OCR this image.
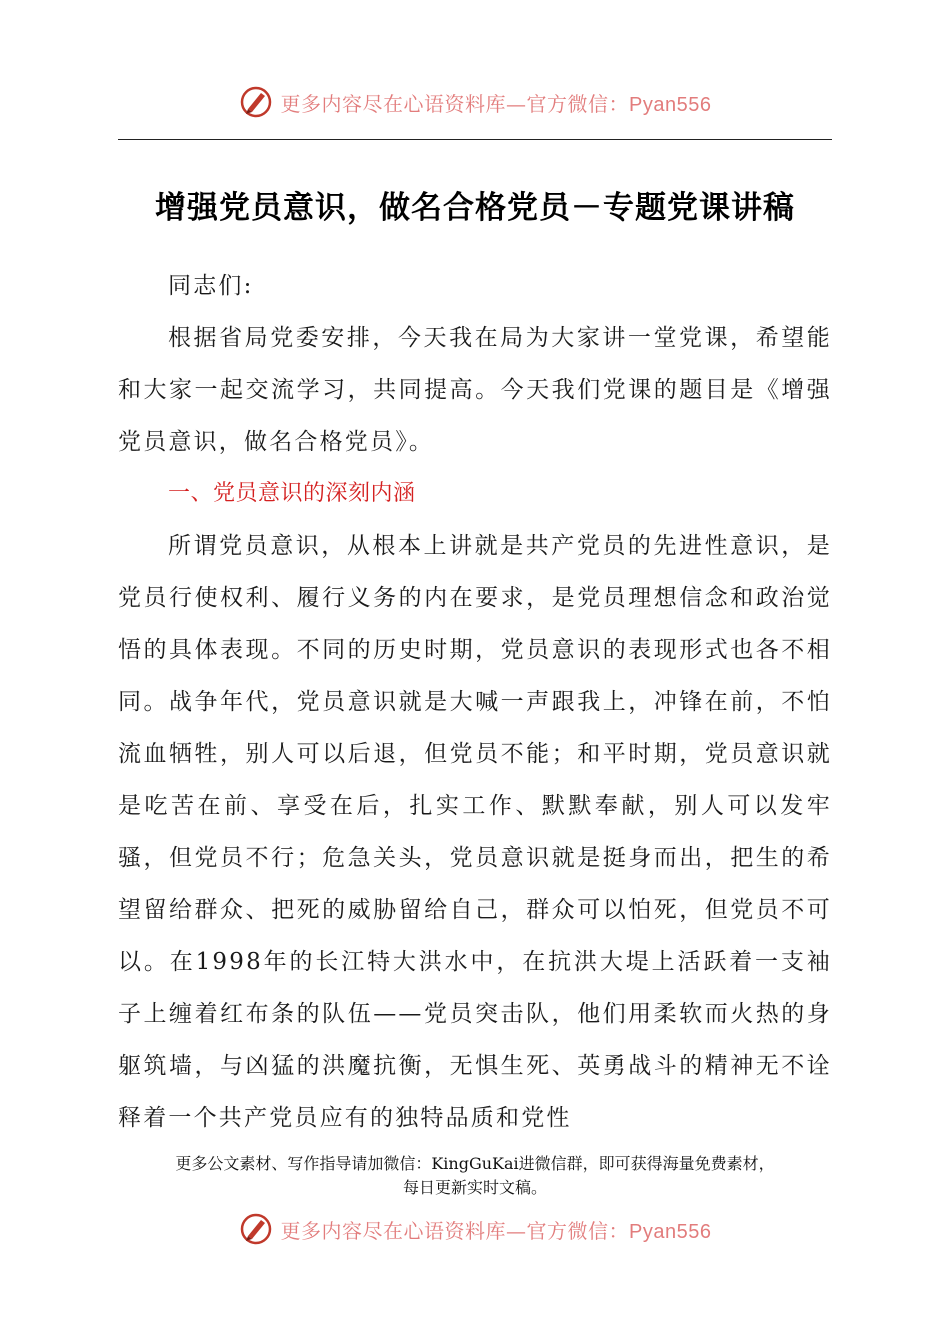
更多内容尽在心语资料库—官方微信：Pyan556
增强党员意识，做名合格党员－专题党课讲稿

同志们:

根据省局党委安排，今天我在局为大家讲一堂党课，希望能和大家一起交流学习，共同提高。今天我们党课的题目是《增强党员意识，做名合格党员》。

一、党员意识的深刻内涵

所谓党员意识，从根本上讲就是共产党员的先进性意识，是党员行使权利、履行义务的内在要求，是党员理想信念和政治觉悟的具体表现。不同的历史时期，党员意识的表现形式也各不相同。战争年代，党员意识就是大喊一声跟我上，冲锋在前，不怕流血牺牲，别人可以后退，但党员不能；和平时期，党员意识就是吃苦在前、享受在后，扎实工作、默默奉献，别人可以发牢骚，但党员不行；危急关头，党员意识就是挺身而出，把生的希望留给群众、把死的威胁留给自己，群众可以怕死，但党员不可以。在1998年的长江特大洪水中，在抗洪大堤上活跃着一支袖子上缠着红布条的队伍——党员突击队，他们用柔软而火热的身躯筑墙，与凶猛的洪魔抗衡，无惧生死、英勇战斗的精神无不诠释着一个共产党员应有的独特品质和党性

更多公文素材、写作指导请加微信：KingGuKai进微信群，即可获得海量免费素材，
每日更新实时文稿。
更多内容尽在心语资料库—官方微信：Pyan556
